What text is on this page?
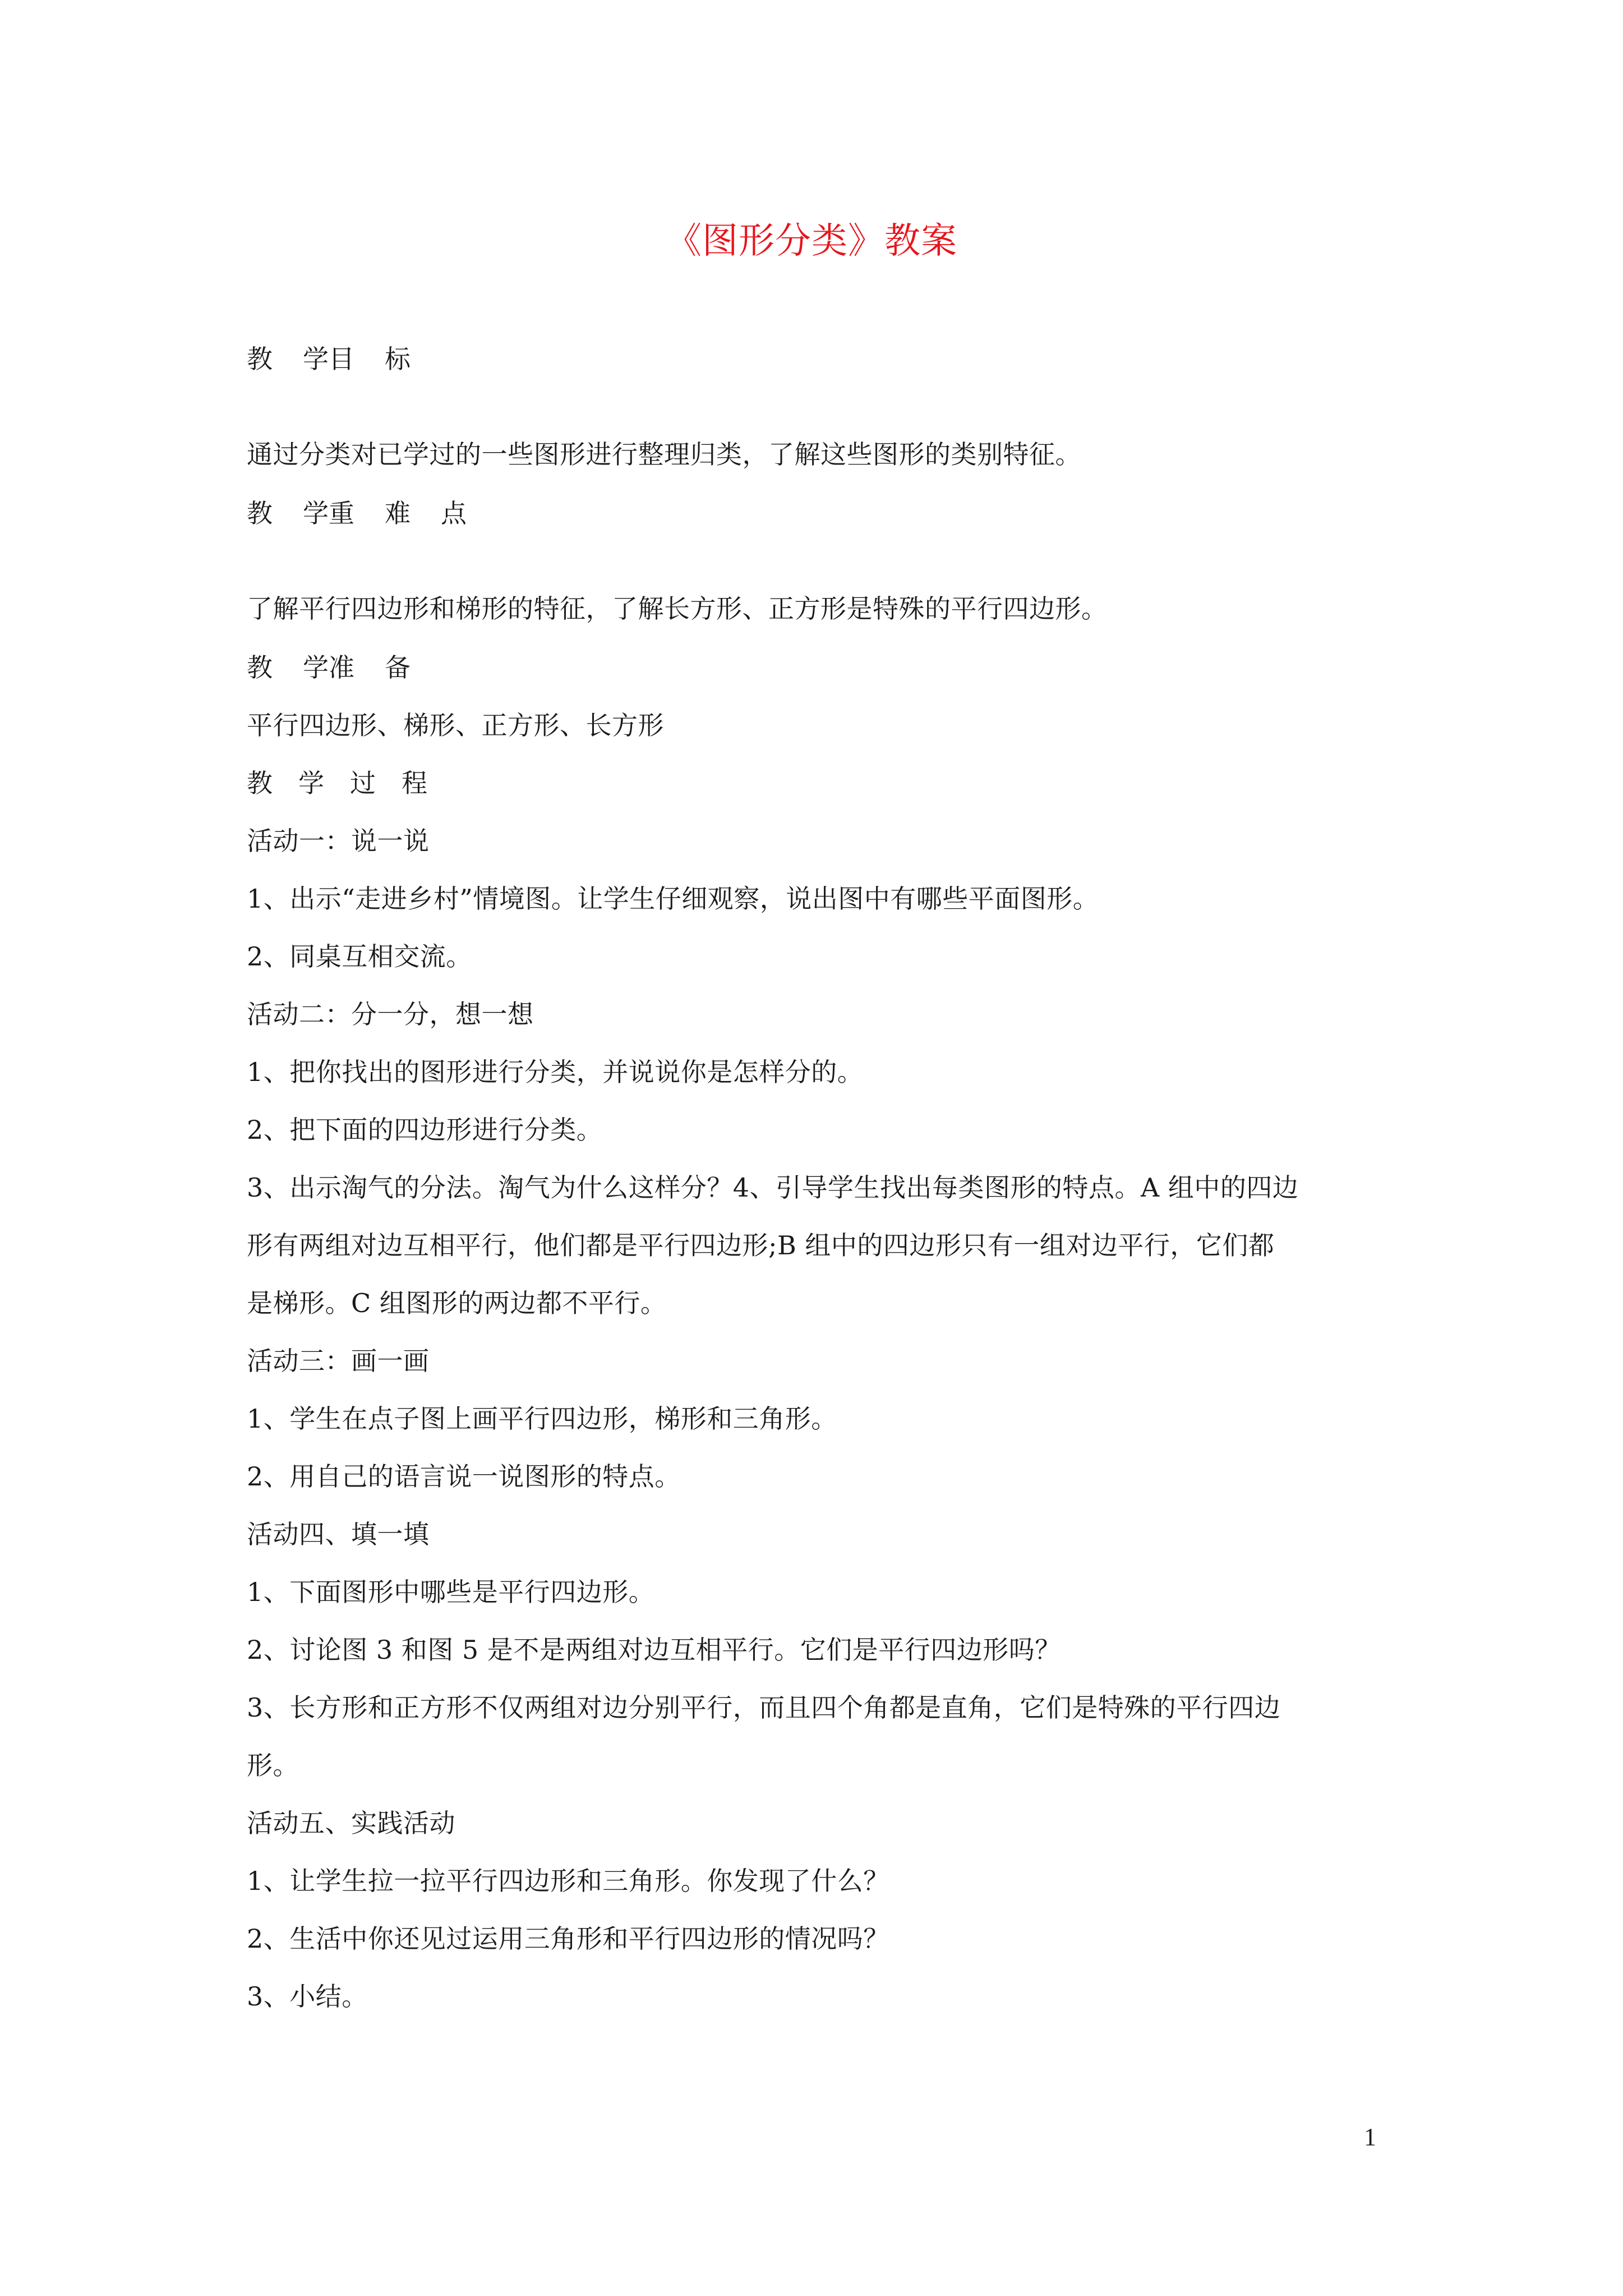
《图形分类》教案
教 学目 标
通过分类对已学过的一些图形进行整理归类，了解这些图形的类别特征。
教 学重 难 点
了解平行四边形和梯形的特征，了解长方形、正方形是特殊的平行四边形。
教 学准 备
平行四边形、梯形、正方形、长方形
教 学 过 程
活动一：说一说
1、出示“走进乡村”情境图。让学生仔细观察，说出图中有哪些平面图形。
2、同桌互相交流。
活动二：分一分，想一想
1、把你找出的图形进行分类，并说说你是怎样分的。
2、把下面的四边形进行分类。
3、出示淘气的分法。淘气为什么这样分？4、引导学生找出每类图形的特点。A 组中的四边
形有两组对边互相平行，他们都是平行四边形;B 组中的四边形只有一组对边平行，它们都
是梯形。C 组图形的两边都不平行。
活动三：画一画
1、学生在点子图上画平行四边形，梯形和三角形。
2、用自己的语言说一说图形的特点。
活动四、填一填
1、下面图形中哪些是平行四边形。
2、讨论图 3 和图 5 是不是两组对边互相平行。它们是平行四边形吗？
3、长方形和正方形不仅两组对边分别平行，而且四个角都是直角，它们是特殊的平行四边
形。
活动五、实践活动
1、让学生拉一拉平行四边形和三角形。你发现了什么？
2、生活中你还见过运用三角形和平行四边形的情况吗？
3、小结。
1
